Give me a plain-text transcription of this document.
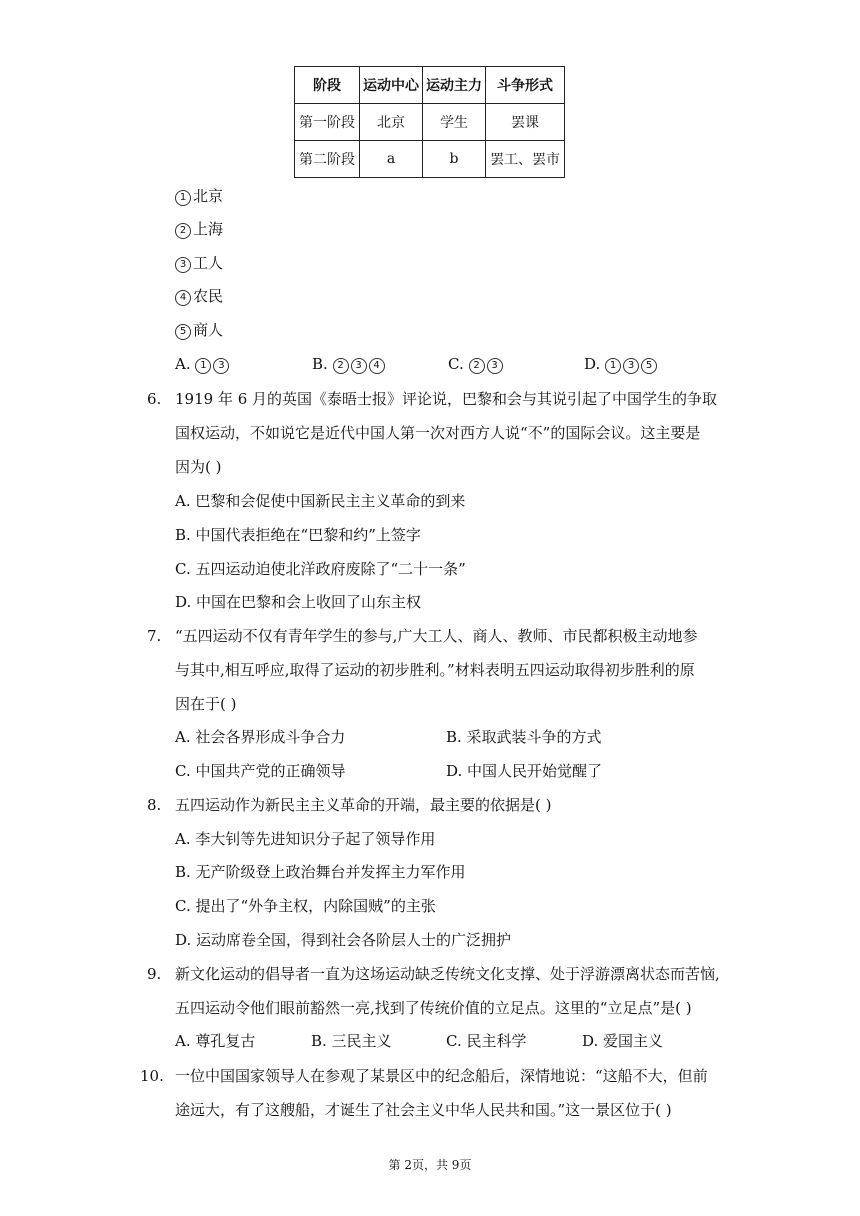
阶段	运动中心	运动主力	斗争形式
第一阶段	北京	学生	罢课
第二阶段	a	b	罢工、罢市
1 北京
2 上海
3 工人
4 农民
5 商人
A. 1 3	B. 2 3 4	C. 2 3	D. 1 3 5
6. 1919 年 6 月的英国《泰晤士报》评论说，巴黎和会与其说引起了中国学生的争取
国权运动，不如说它是近代中国人第一次对西方人说“不”的国际会议。这主要是
因为( )
A. 巴黎和会促使中国新民主主义革命的到来
B. 中国代表拒绝在“巴黎和约”上签字
C. 五四运动迫使北洋政府废除了“二十一条”
D. 中国在巴黎和会上收回了山东主权
7. “五四运动不仅有青年学生的参与,广大工人、商人、教师、市民都积极主动地参
与其中,相互呼应,取得了运动的初步胜利。”材料表明五四运动取得初步胜利的原
因在于( )
A. 社会各界形成斗争合力	B. 采取武装斗争的方式
C. 中国共产党的正确领导	D. 中国人民开始觉醒了
8. 五四运动作为新民主主义革命的开端，最主要的依据是( )
A. 李大钊等先进知识分子起了领导作用
B. 无产阶级登上政治舞台并发挥主力军作用
C. 提出了“外争主权，内除国贼”的主张
D. 运动席卷全国，得到社会各阶层人士的广泛拥护
9. 新文化运动的倡导者一直为这场运动缺乏传统文化支撑、处于浮游漂离状态而苦恼,
五四运动令他们眼前豁然一亮,找到了传统价值的立足点。这里的“立足点”是( )
A. 尊孔复古	B. 三民主义	C. 民主科学	D. 爱国主义
10. 一位中国国家领导人在参观了某景区中的纪念船后，深情地说：“这船不大，但前
途远大，有了这艘船，才诞生了社会主义中华人民共和国。”这一景区位于( )
第 2页，共 9页
